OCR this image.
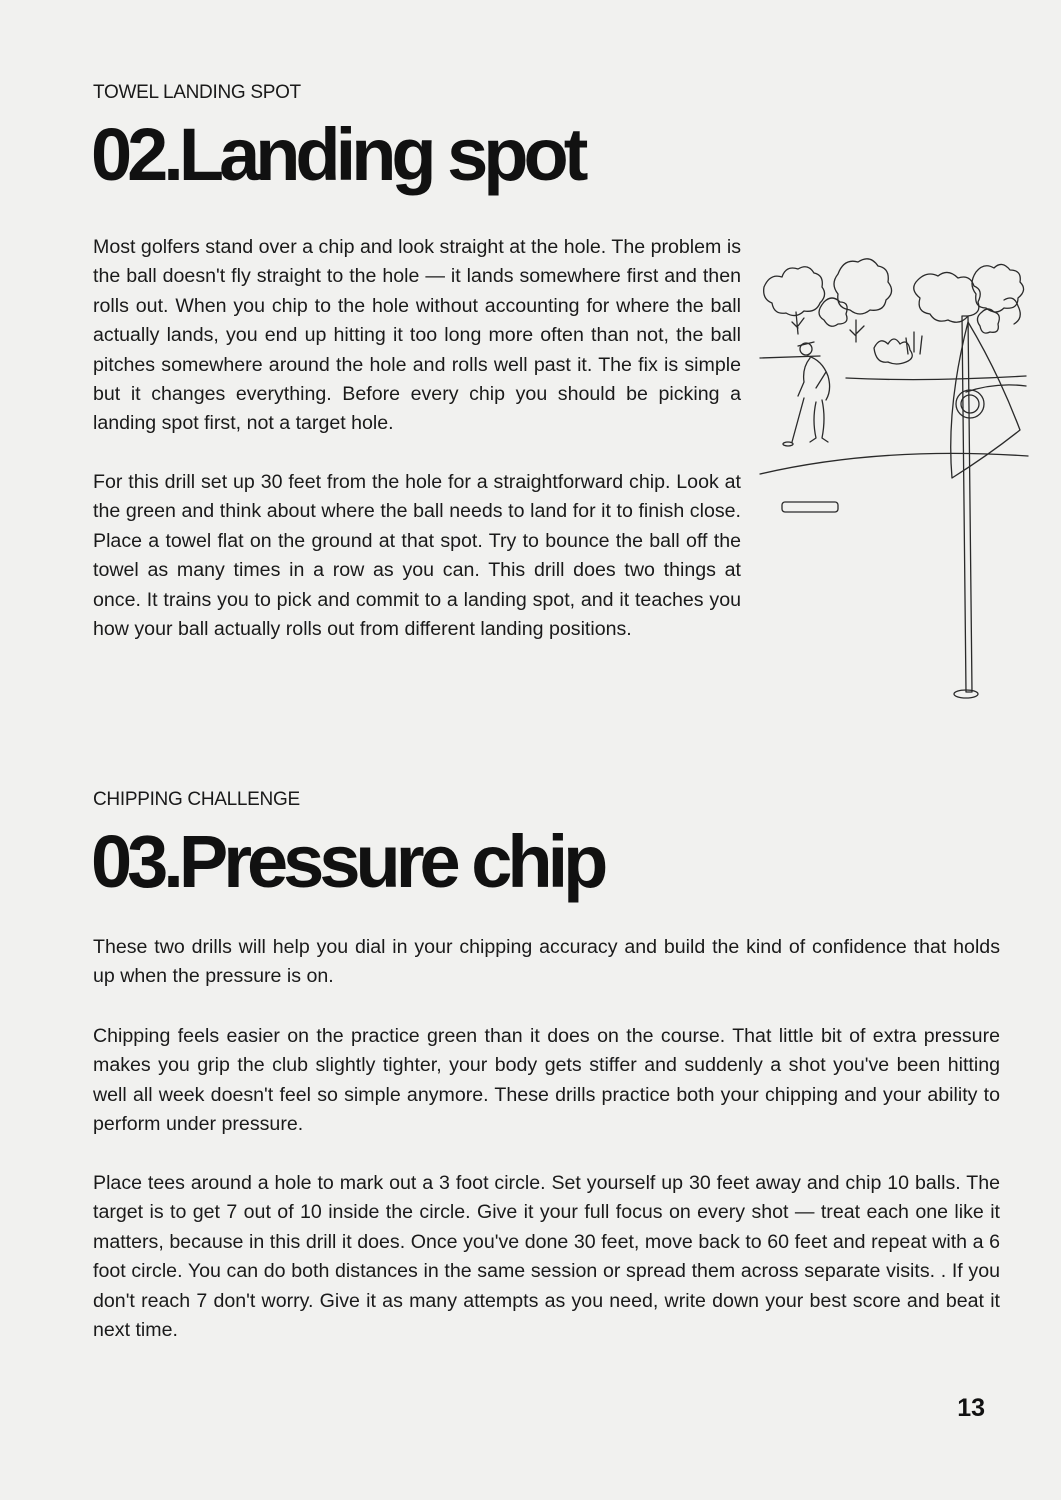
TOWEL LANDING SPOT
02.Landing spot

Most golfers stand over a chip and look straight at the hole. The problem is the ball doesn't fly straight to the hole — it lands somewhere first and then rolls out. When you chip to the hole without accounting for where the ball actually lands, you end up hitting it too long more often than not, the ball pitches somewhere around the hole and rolls well past it. The fix is simple but it changes everything. Before every chip you should be picking a landing spot first, not a target hole.

For this drill set up 30 feet from the hole for a straightforward chip. Look at the green and think about where the ball needs to land for it to finish close. Place a towel flat on the ground at that spot. Try to bounce the ball off the towel as many times in a row as you can. This drill does two things at once. It trains you to pick and commit to a landing spot, and it teaches you how your ball actually rolls out from different landing positions.

CHIPPING CHALLENGE
03.Pressure chip

These two drills will help you dial in your chipping accuracy and build the kind of confidence that holds up when the pressure is on.

Chipping feels easier on the practice green than it does on the course. That little bit of extra pressure makes you grip the club slightly tighter, your body gets stiffer and suddenly a shot you've been hitting well all week doesn't feel so simple anymore. These drills practice both your chipping and your ability to perform under pressure.

Place tees around a hole to mark out a 3 foot circle. Set yourself up 30 feet away and chip 10 balls. The target is to get 7 out of 10 inside the circle. Give it your full focus on every shot — treat each one like it matters, because in this drill it does. Once you've done 30 feet, move back to 60 feet and repeat with a 6 foot circle. You can do both distances in the same session or spread them across separate visits. . If you don't reach 7 don't worry. Give it as many attempts as you need, write down your best score and beat it next time.

13
